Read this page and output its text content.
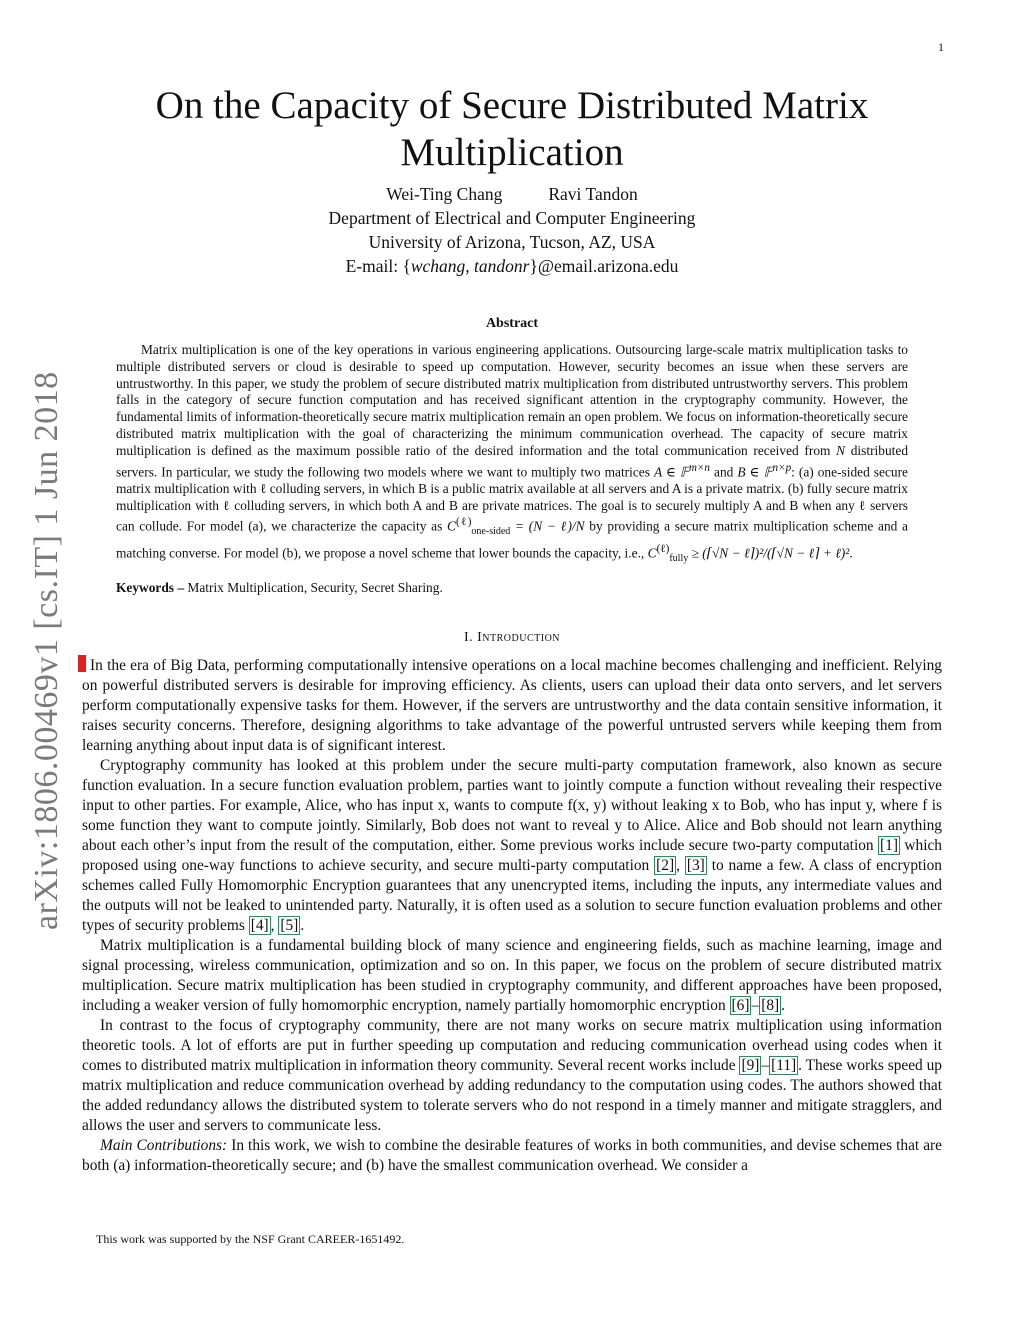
1
arXiv:1806.00469v1 [cs.IT] 1 Jun 2018
On the Capacity of Secure Distributed Matrix Multiplication
Wei-Ting Chang	Ravi Tandon
Department of Electrical and Computer Engineering
University of Arizona, Tucson, AZ, USA
E-mail: {wchang, tandonr}@email.arizona.edu
Abstract
Matrix multiplication is one of the key operations in various engineering applications. Outsourcing large-scale matrix multiplication tasks to multiple distributed servers or cloud is desirable to speed up computation. However, security becomes an issue when these servers are untrustworthy. In this paper, we study the problem of secure distributed matrix multiplication from distributed untrustworthy servers. This problem falls in the category of secure function computation and has received significant attention in the cryptography community. However, the fundamental limits of information-theoretically secure matrix multiplication remain an open problem. We focus on information-theoretically secure distributed matrix multiplication with the goal of characterizing the minimum communication overhead. The capacity of secure matrix multiplication is defined as the maximum possible ratio of the desired information and the total communication received from N distributed servers. In particular, we study the following two models where we want to multiply two matrices A ∈ 𝔽$^{m\times n}$ and B ∈ 𝔽$^{n\times p}$: (a) one-sided secure matrix multiplication with ℓ colluding servers, in which B is a public matrix available at all servers and A is a private matrix. (b) fully secure matrix multiplication with ℓ colluding servers, in which both A and B are private matrices. The goal is to securely multiply A and B when any ℓ servers can collude. For model (a), we characterize the capacity as $C^{(\ell)}_{one-sided} = (N$ − ℓ)/N by providing a secure matrix multiplication scheme and a matching converse. For model (b), we propose a novel scheme that lower bounds the capacity, i.e., $C^{(\ell)}_{fully}$ ≥ (⌈√N − ℓ⌉)²/(⌈√N − ℓ⌉ + ℓ)².
Keywords – Matrix Multiplication, Security, Secret Sharing.
I. Introduction

In the era of Big Data, performing computationally intensive operations on a local machine becomes challenging and inefficient. Relying on powerful distributed servers is desirable for improving efficiency. As clients, users can upload their data onto servers, and let servers perform computationally expensive tasks for them. However, if the servers are untrustworthy and the data contain sensitive information, it raises security concerns. Therefore, designing algorithms to take advantage of the powerful untrusted servers while keeping them from learning anything about input data is of significant interest.

Cryptography community has looked at this problem under the secure multi-party computation framework, also known as secure function evaluation. In a secure function evaluation problem, parties want to jointly compute a function without revealing their respective input to other parties. For example, Alice, who has input x, wants to compute f(x, y) without leaking x to Bob, who has input y, where f is some function they want to compute jointly. Similarly, Bob does not want to reveal y to Alice. Alice and Bob should not learn anything about each other’s input from the result of the computation, either. Some previous works include secure two-party computation [1] which proposed using one-way functions to achieve security, and secure multi-party computation [2] , [3] to name a few. A class of encryption schemes called Fully Homomorphic Encryption guarantees that any unencrypted items, including the inputs, any intermediate values and the outputs will not be leaked to unintended party. Naturally, it is often used as a solution to secure function evaluation problems and other types of security problems [4] , [5] .

Matrix multiplication is a fundamental building block of many science and engineering fields, such as machine learning, image and signal processing, wireless communication, optimization and so on. In this paper, we focus on the problem of secure distributed matrix multiplication. Secure matrix multiplication has been studied in cryptography community, and different approaches have been proposed, including a weaker version of fully homomorphic encryption, namely partially homomorphic encryption [6] – [8] .

In contrast to the focus of cryptography community, there are not many works on secure matrix multiplication using information theoretic tools. A lot of efforts are put in further speeding up computation and reducing communication overhead using codes when it comes to distributed matrix multiplication in information theory community. Several recent works include [9] – [11] . These works speed up matrix multiplication and reduce communication overhead by adding redundancy to the computation using codes. The authors showed that the added redundancy allows the distributed system to tolerate servers who do not respond in a timely manner and mitigate stragglers, and allows the user and servers to communicate less.

Main Contributions: In this work, we wish to combine the desirable features of works in both communities, and devise schemes that are both (a) information-theoretically secure; and (b) have the smallest communication overhead. We consider a

This work was supported by the NSF Grant CAREER-1651492.
